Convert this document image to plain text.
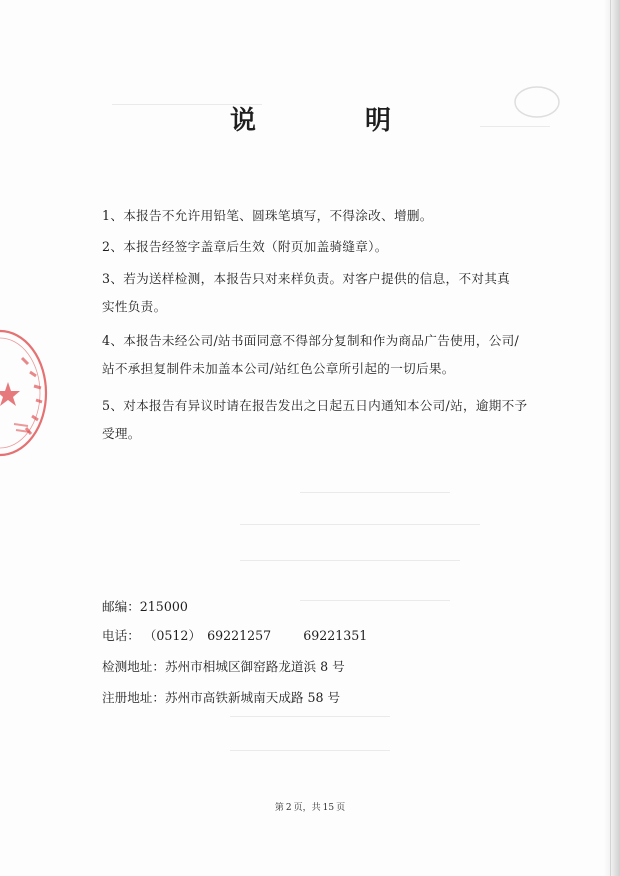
说	明
1、本报告不允许用铅笔、圆珠笔填写，不得涂改、增删。
2、本报告经签字盖章后生效（附页加盖骑缝章）。
3、若为送样检测，本报告只对来样负责。对客户提供的信息，不对其真实性负责。
4、本报告未经公司/站书面同意不得部分复制和作为商品广告使用，公司/站不承担复制件未加盖本公司/站红色公章所引起的一切后果。
5、对本报告有异议时请在报告发出之日起五日内通知本公司/站，逾期不予受理。
邮编：215000
电话： （0512） 69221257	69221351
检测地址：苏州市相城区御窑路龙道浜 8 号
注册地址：苏州市高铁新城南天成路 58 号
第 2 页，共 15 页
